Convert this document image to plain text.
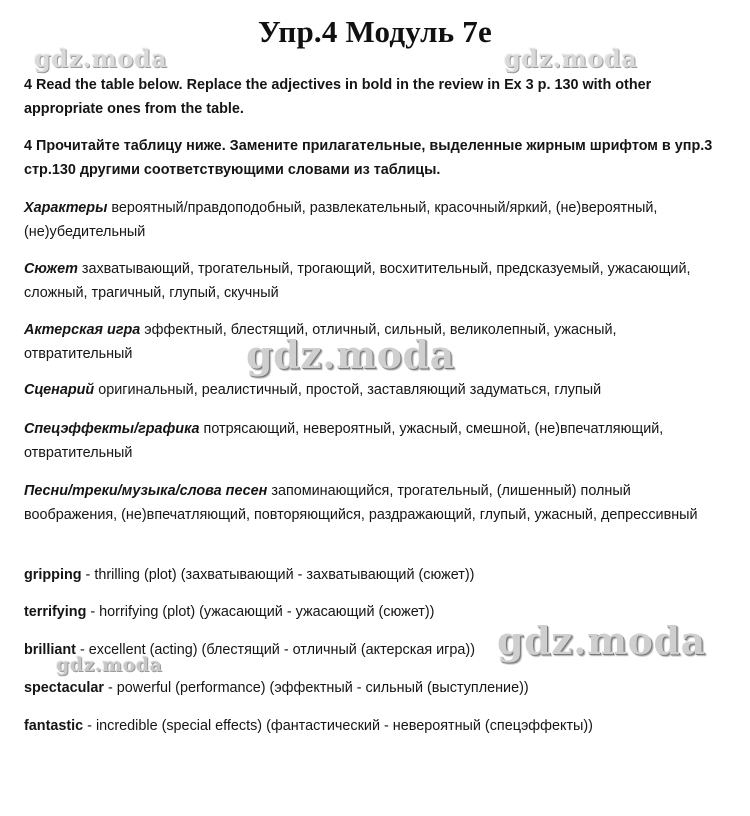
Упр.4 Модуль 7е
gdz.moda	gdz.moda
gdz.moda
gdz.moda
gdz.moda
4 Read the table below. Replace the adjectives in bold in the review in Ex 3 p. 130 with other appropriate ones from the table.
4 Прочитайте таблицу ниже. Замените прилагательные, выделенные жирным шрифтом в упр.3 стр.130 другими соответствующими словами из таблицы.
Характеры вероятный/правдоподобный, развлекательный, красочный/яркий, (не)вероятный, (не)убедительный
Сюжет захватывающий, трогательный, трогающий, восхитительный, предсказуемый, ужасающий, сложный, трагичный, глупый, скучный
Актерская игра эффектный, блестящий, отличный, сильный, великолепный, ужасный, отвратительный
Сценарий оригинальный, реалистичный, простой, заставляющий задуматься, глупый
Спецэффекты/графика потрясающий, невероятный, ужасный, смешной, (не)впечатляющий, отвратительный
Песни/треки/музыка/слова песен запоминающийся, трогательный, (лишенный) полный воображения, (не)впечатляющий, повторяющийся, раздражающий, глупый, ужасный, депрессивный
gripping - thrilling (plot) (захватывающий - захватывающий (сюжет))
terrifying - horrifying (plot) (ужасающий - ужасающий (сюжет))
brilliant - excellent (acting) (блестящий - отличный (актерская игра))
spectacular - powerful (performance) (эффектный - сильный (выступление))
fantastic - incredible (special effects) (фантастический - невероятный (спецэффекты))
